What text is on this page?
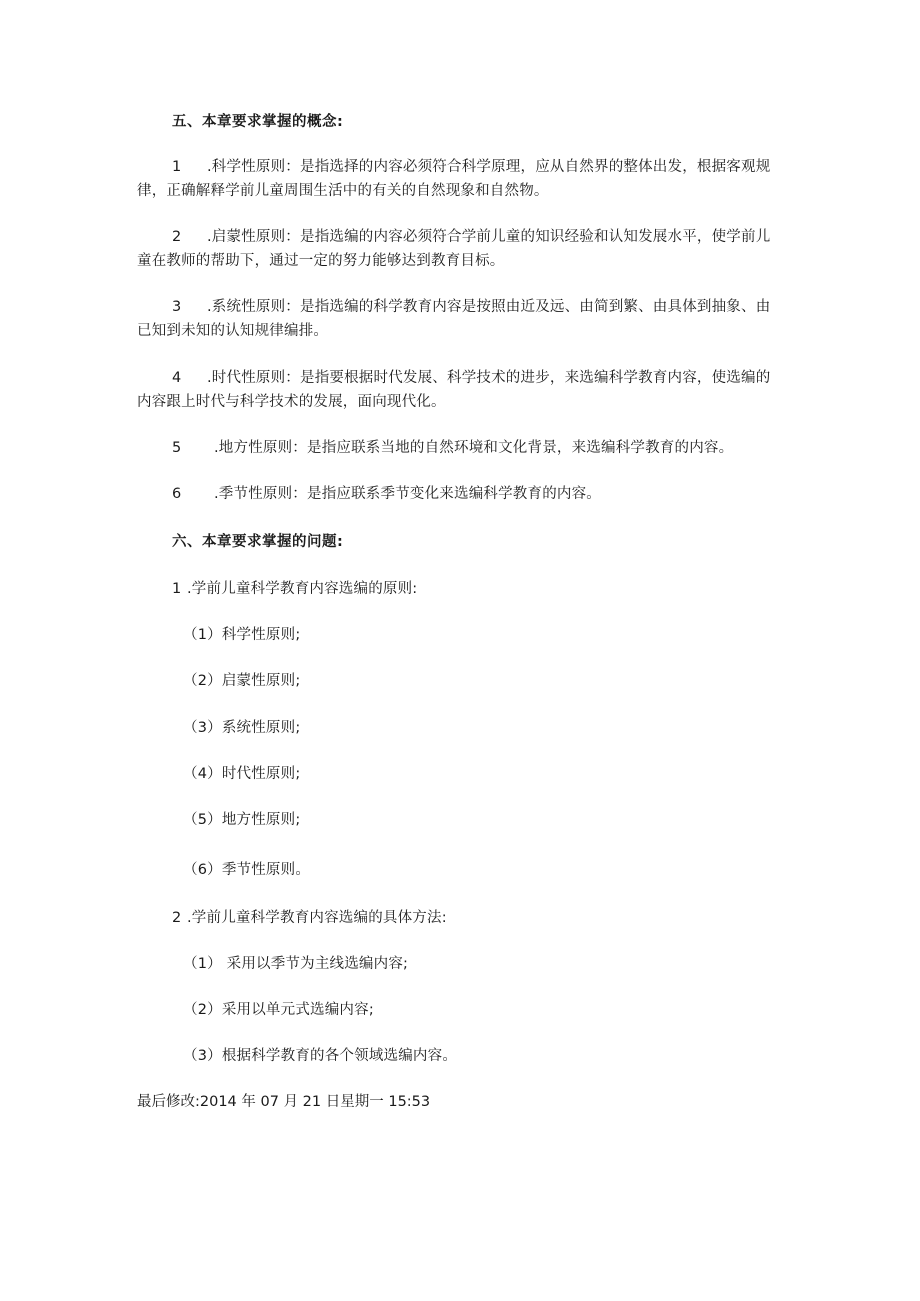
五、本章要求掌握的概念:
1 .科学性原则：是指选择的内容必须符合科学原理，应从自然界的整体出发，根据客观规
律，正确解释学前儿童周围生活中的有关的自然现象和自然物。
2 .启蒙性原则：是指选编的内容必须符合学前儿童的知识经验和认知发展水平，使学前儿
童在教师的帮助下，通过一定的努力能够达到教育目标。
3 .系统性原则：是指选编的科学教育内容是按照由近及远、由简到繁、由具体到抽象、由
已知到未知的认知规律编排。
4 .时代性原则：是指要根据时代发展、科学技术的进步，来选编科学教育内容，使选编的
内容跟上时代与科学技术的发展，面向现代化。
5 .地方性原则：是指应联系当地的自然环境和文化背景，来选编科学教育的内容。
6 .季节性原则：是指应联系季节变化来选编科学教育的内容。
六、本章要求掌握的问题:
1 .学前儿童科学教育内容选编的原则:
（1）科学性原则;
（2）启蒙性原则;
（3）系统性原则;
（4）时代性原则;
（5）地方性原则;
（6）季节性原则。
2 .学前儿童科学教育内容选编的具体方法:
（1） 采用以季节为主线选编内容;
（2）采用以单元式选编内容;
（3）根据科学教育的各个领域选编内容。
最后修改:2014 年 07 月 21 日星期一 15:53
